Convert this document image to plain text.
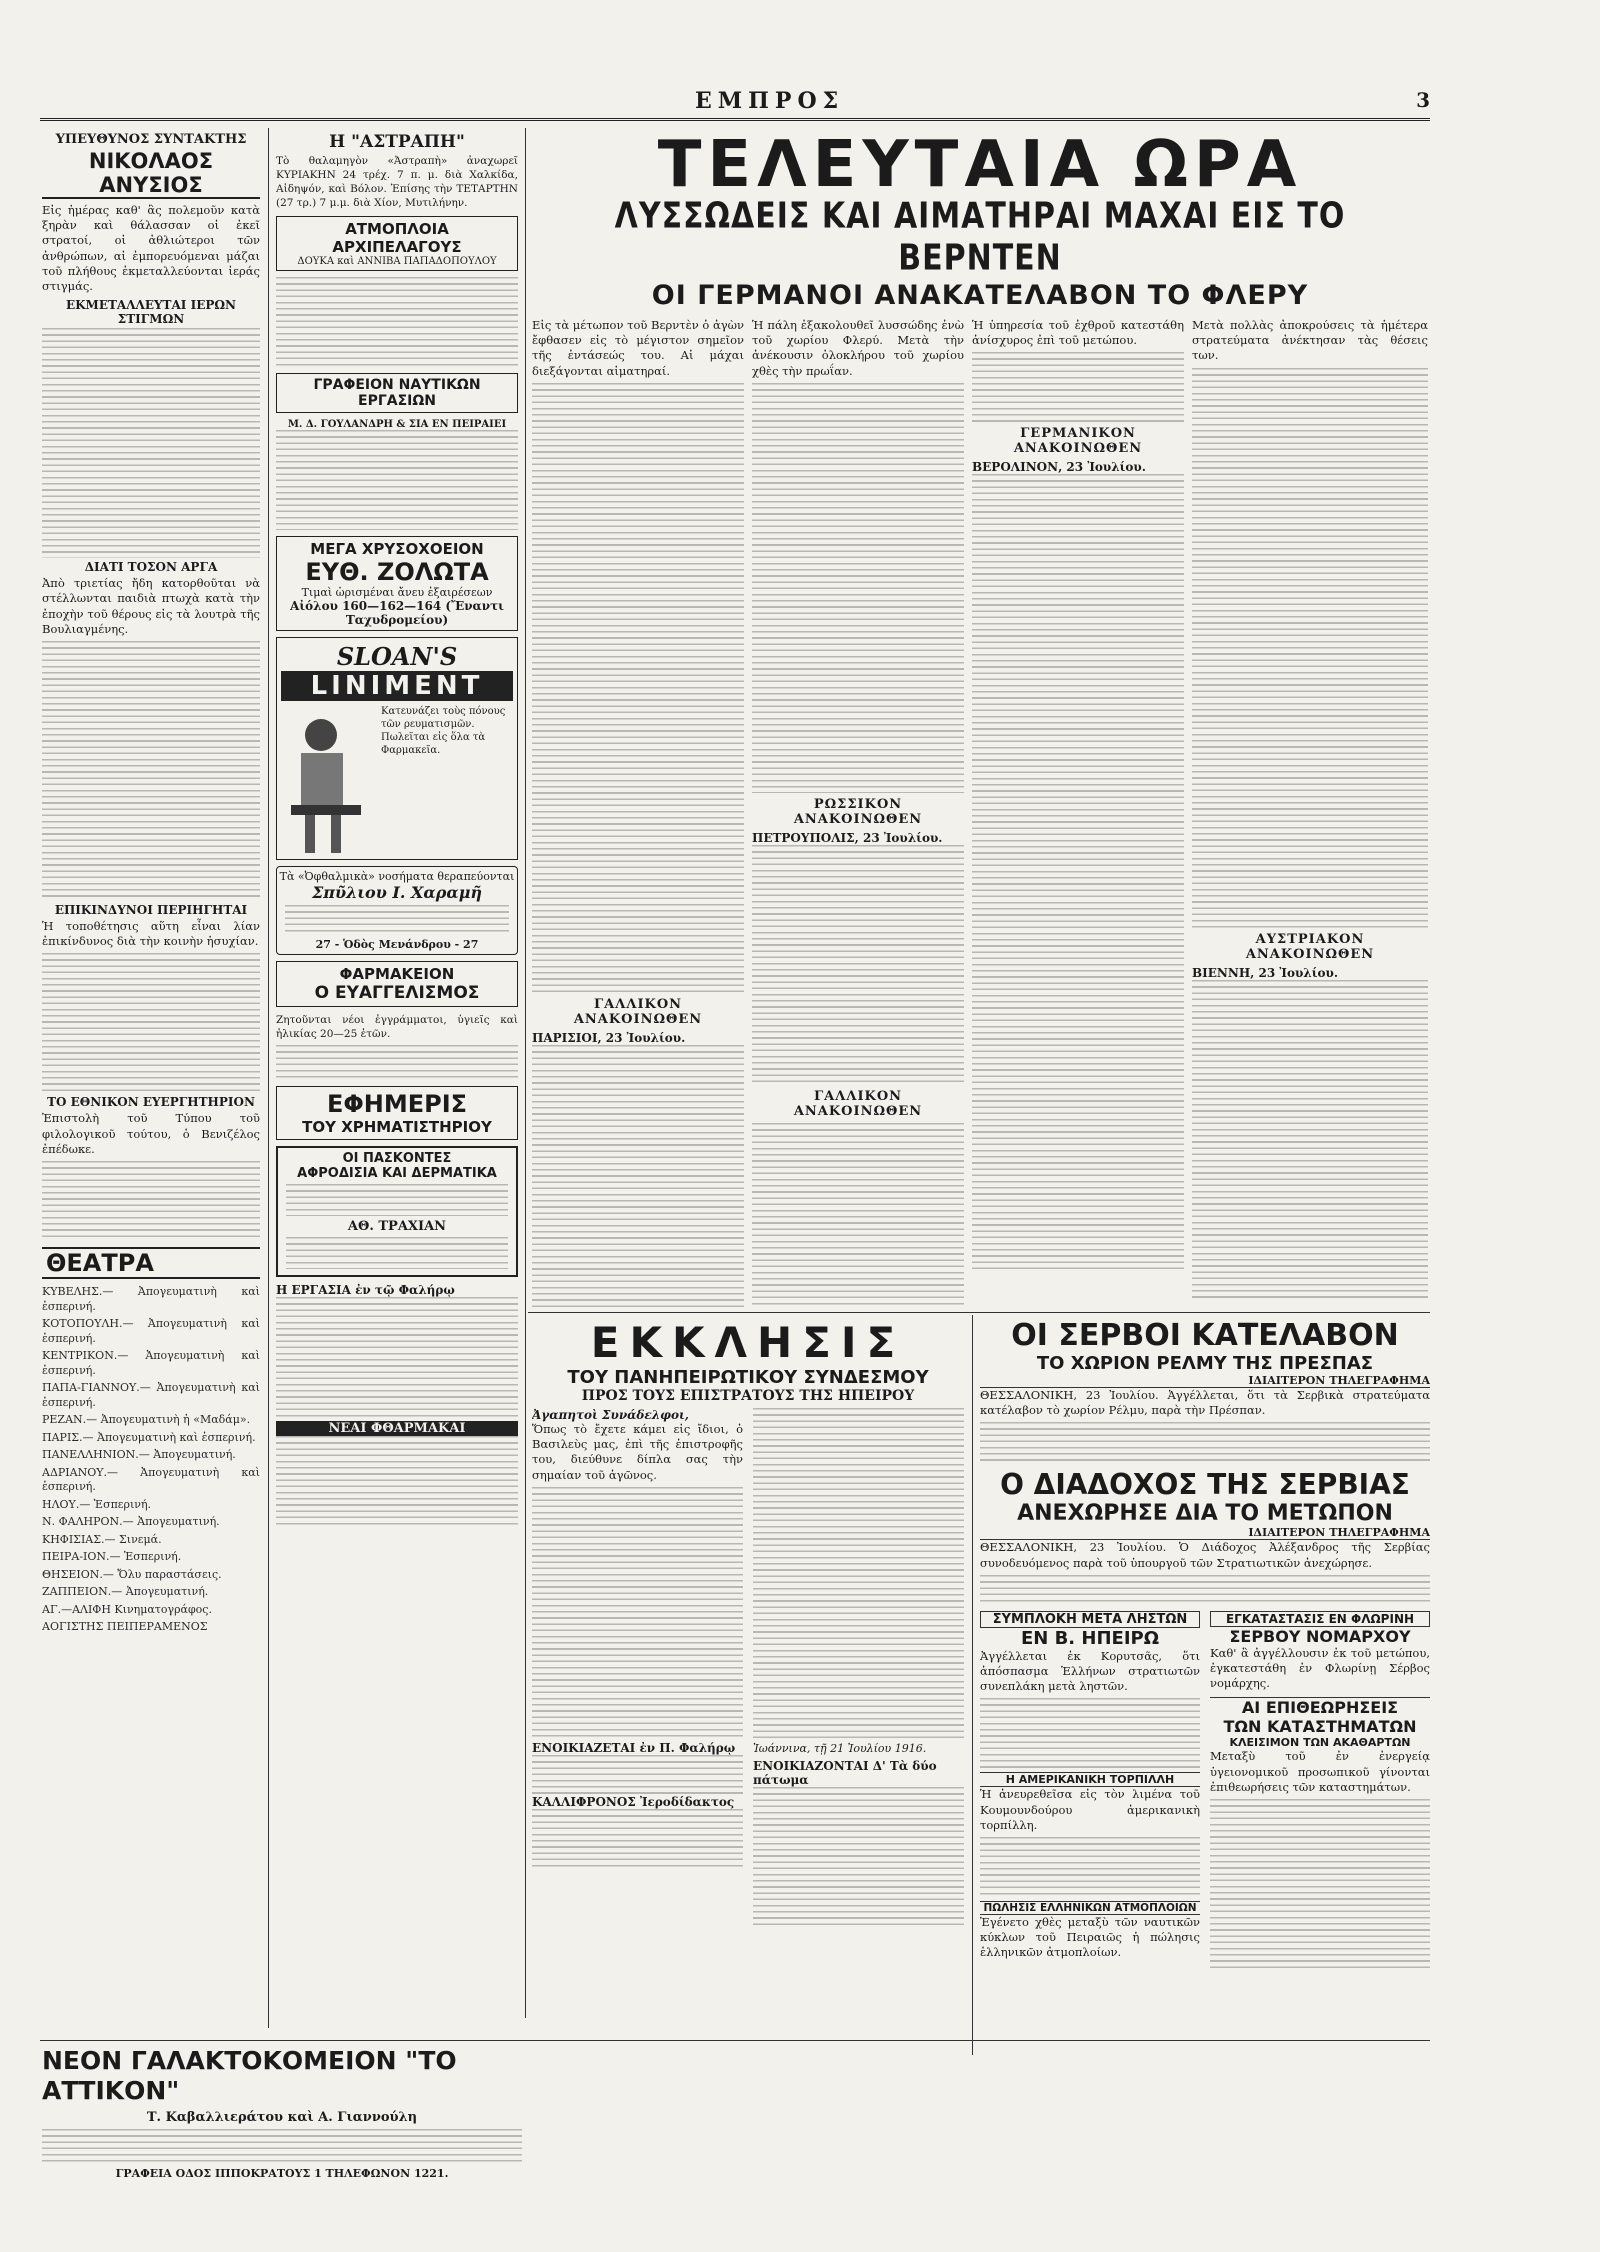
ΕΜΠΡΟΣ	3
ΥΠΕΥΘΥΝΟΣ ΣΥΝΤΑΚΤΗΣ
ΝΙΚΟΛΑΟΣ ΑΝΥΣΙΟΣ

Εἰς ἡμέρας καθ' ἃς πολεμοῦν κατὰ ξηρὰν καὶ θάλασσαν οἱ ἐκεῖ στρατοί, οἱ ἀθλιώτεροι τῶν ἀνθρώπων, αἱ ἐμπορευόμεναι μάζαι τοῦ πλήθους ἐκμεταλλεύονται ἱεράς στιγμάς.

ΕΚΜΕΤΑΛΛΕΥΤΑΙ ΙΕΡΩΝ ΣΤΙΓΜΩΝ
ΔΙΑΤΙ ΤΟΣΟΝ ΑΡΓΑ

Ἀπὸ τριετίας ἤδη κατορθοῦται νὰ στέλλωνται παιδιὰ πτωχὰ κατὰ τὴν ἐποχὴν τοῦ θέρους εἰς τὰ λουτρὰ τῆς Βουλιαγμένης.

ΕΠΙΚΙΝΔΥΝΟΙ ΠΕΡΙΗΓΗΤΑΙ

Ἡ τοποθέτησις αὕτη εἶναι λίαν ἐπικίνδυνος διὰ τὴν κοινὴν ἡσυχίαν.

ΤΟ ΕΘΝΙΚΟΝ ΕΥΕΡΓΗΤΗΡΙΟΝ

Ἐπιστολὴ τοῦ Τύπου τοῦ φιλολογικοῦ τούτου, ὁ Βενιζέλος ἐπέδωκε.

ΘΕΑΤΡΑ
ΚΥΒΕΛΗΣ.— Ἀπογευματινὴ καὶ ἑσπερινή.
ΚΟΤΟΠΟΥΛΗ.— Ἀπογευματινὴ καὶ ἑσπερινή.
ΚΕΝΤΡΙΚΟΝ.— Ἀπογευματινὴ καὶ ἑσπερινή.
ΠΑΠΑ-ΓΙΑΝΝΟΥ.— Ἀπογευματινὴ καὶ ἑσπερινή.
ΡΕΖΑΝ.— Ἀπογευματινὴ ἡ «Μαδάμ».
ΠΑΡΙΣ.— Ἀπογευματινὴ καὶ ἑσπερινή.
ΠΑΝΕΛΛΗΝΙΟΝ.— Ἀπογευματινή.
ΑΔΡΙΑΝΟΥ.— Ἀπογευματινὴ καὶ ἑσπερινή.
ΗΛΟΥ.— Ἑσπερινή.
Ν. ΦΑΛΗΡΟΝ.— Ἀπογευματινή.
ΚΗΦΙΣΙΑΣ.— Σινεμά.
ΠΕΙΡΑ-ΙΟΝ.— Ἑσπερινή.
ΘΗΣΕΙΟΝ.— Ὄλυ παραστάσεις.
ΖΑΠΠΕΙΟΝ.— Ἀπογευματινή.
ΑΓ.—ΑΛΙΦΗ Κινηματογράφος.
ΑΟΓΙΣΤΗΣ ΠΕΙΠΕΡΑΜΕΝΟΣ
Η "ΑΣΤΡΑΠΗ"

Τὸ θαλαμηγὸν «Ἀστραπὴ» ἀναχωρεῖ ΚΥΡΙΑΚΗΝ 24 τρέχ. 7 π. μ. διὰ Χαλκίδα, Αἰδηψόν, καὶ Βόλον. Ἐπίσης τὴν ΤΕΤΑΡΤΗΝ (27 τρ.) 7 μ.μ. διὰ Χίον, Μυτιλήνην.

ΑΤΜΟΠΛΟΙΑ ΑΡΧΙΠΕΛΑΓΟΥΣ
ΔΟΥΚΑ καὶ ΑΝΝΙΒΑ ΠΑΠΑΔΟΠΟΥΛΟΥ
ΓΡΑΦΕΙΟΝ ΝΑΥΤΙΚΩΝ ΕΡΓΑΣΙΩΝ
Μ. Δ. ΓΟΥΛΑΝΔΡΗ & ΣΙΑ ΕΝ ΠΕΙΡΑΙΕΙ
ΜΕΓΑ ΧΡΥΣΟΧΟΕΙΟΝ
ΕΥΘ. ΖΟΛΩΤΑ
Τιμαὶ ὡρισμέναι ἄνευ ἐξαιρέσεων
Αἰόλου 160—162—164 (Ἔναντι Ταχυδρομείου)
SLOAN'S
LINIMENT
Κατευνάζει τοὺς πόνους τῶν ρευματισμῶν. Πωλεῖται εἰς ὅλα τὰ Φαρμακεῖα.
Τὰ «Ὀφθαλμικὰ» νοσήματα θεραπεύονται
Σπῦλιου Ι. Χαραμῆ
27 - Ὁδὸς Μενάνδρου - 27
ΦΑΡΜΑΚΕΙΟΝ
Ο ΕΥΑΓΓΕΛΙΣΜΟΣ

Ζητοῦνται νέοι ἐγγράμματοι, ὑγιεῖς καὶ ἡλικίας 20—25 ἐτῶν.

ΕΦΗΜΕΡΙΣ
ΤΟΥ ΧΡΗΜΑΤΙΣΤΗΡΙΟΥ
ΟΙ ΠΑΣΚΟΝΤΕΣ
ΑΦΡΟΔΙΣΙΑ ΚΑΙ ΔΕΡΜΑΤΙΚΑ
ΑΘ. ΤΡΑΧΙΑΝ
Η ΕΡΓΑΣΙΑ ἐν τῷ Φαλήρῳ
ΝΕΑΙ ΦΘΑΡΜΑΚΑΙ
ΤΕΛΕΥΤΑΙΑ ΩΡΑ
ΛΥΣΣΩΔΕΙΣ ΚΑΙ ΑΙΜΑΤΗΡΑΙ ΜΑΧΑΙ ΕΙΣ ΤΟ ΒΕΡΝΤΕΝ
ΟΙ ΓΕΡΜΑΝΟΙ ΑΝΑΚΑΤΕΛΑΒΟΝ ΤΟ ΦΛΕΡΥ

Εἰς τὰ μέτωπον τοῦ Βερντὲν ὁ ἀγὼν ἔφθασεν εἰς τὸ μέγιστον σημεῖον τῆς ἐντάσεώς του. Αἱ μάχαι διεξάγονται αἱματηραί.

ΓΑΛΛΙΚΟΝ ΑΝΑΚΟΙΝΩΘΕΝ
ΠΑΡΙΣΙΟΙ, 23 Ἰουλίου.

Ἡ πάλη ἐξακολουθεῖ λυσσώδης ἐνὼ τοῦ χωρίου Φλερύ. Μετὰ τὴν ἀνέκουσιν ὁλοκλήρου τοῦ χωρίου χθὲς τὴν πρωΐαν.

ΡΩΣΣΙΚΟΝ ΑΝΑΚΟΙΝΩΘΕΝ
ΠΕΤΡΟΥΠΟΛΙΣ, 23 Ἰουλίου.
ΓΑΛΛΙΚΟΝ ΑΝΑΚΟΙΝΩΘΕΝ

Ἡ ὑπηρεσία τοῦ ἐχθροῦ κατεστάθη ἀνίσχυρος ἐπὶ τοῦ μετώπου.

ΓΕΡΜΑΝΙΚΟΝ ΑΝΑΚΟΙΝΩΘΕΝ
ΒΕΡΟΛΙΝΟΝ, 23 Ἰουλίου.

Μετὰ πολλὰς ἀποκρούσεις τὰ ἡμέτερα στρατεύματα ἀνέκτησαν τὰς θέσεις των.

ΑΥΣΤΡΙΑΚΟΝ ΑΝΑΚΟΙΝΩΘΕΝ
ΒΙΕΝΝΗ, 23 Ἰουλίου.
ΕΚΚΛΗΣΙΣ
ΤΟΥ ΠΑΝΗΠΕΙΡΩΤΙΚΟΥ ΣΥΝΔΕΣΜΟΥ
ΠΡΟΣ ΤΟΥΣ ΕΠΙΣΤΡΑΤΟΥΣ ΤΗΣ ΗΠΕΙΡΟΥ
Ἀγαπητοὶ Συνάδελφοι,

Ὅπως τὸ ἔχετε κάμει εἰς ἴδιοι, ὁ Βασιλεὺς μας, ἐπὶ τῆς ἐπιστροφῆς του, διεύθυνε δίπλα σας τὴν σημαίαν τοῦ ἀγῶνος.

ΕΝΟΙΚΙΑΖΕΤΑΙ ἐν Π. Φαλήρῳ
ΚΑΛΛΙΦΡΟΝΟΣ Ἰεροδίδακτος
Ἰωάννινα, τῇ 21 Ἰουλίου 1916.
ΕΝΟΙΚΙΑΖΟΝΤΑΙ Δ' Τὰ δύο πάτωμα
ΟΙ ΣΕΡΒΟΙ ΚΑΤΕΛΑΒΟΝ
ΤΟ ΧΩΡΙΟΝ ΡΕΛΜΥ ΤΗΣ ΠΡΕΣΠΑΣ
ΙΔΙΑΙΤΕΡΟΝ ΤΗΛΕΓΡΑΦΗΜΑ

ΘΕΣΣΑΛΟΝΙΚΗ, 23 Ἰουλίου. Ἀγγέλλεται, ὅτι τὰ Σερβικὰ στρατεύματα κατέλαβον τὸ χωρίον Ρέλμυ, παρὰ τὴν Πρέσπαν.

Ο ΔΙΑΔΟΧΟΣ ΤΗΣ ΣΕΡΒΙΑΣ
ΑΝΕΧΩΡΗΣΕ ΔΙΑ ΤΟ ΜΕΤΩΠΟΝ
ΙΔΙΑΙΤΕΡΟΝ ΤΗΛΕΓΡΑΦΗΜΑ

ΘΕΣΣΑΛΟΝΙΚΗ, 23 Ἰουλίου. Ὁ Διάδοχος Ἀλέξανδρος τῆς Σερβίας συνοδευόμενος παρὰ τοῦ ὑπουργοῦ τῶν Στρατιωτικῶν ἀνεχώρησε.

ΣΥΜΠΛΟΚΗ ΜΕΤΑ ΛΗΣΤΩΝ
ΕΝ Β. ΗΠΕΙΡΩ

Ἀγγέλλεται ἐκ Κορυτσᾶς, ὅτι ἀπόσπασμα Ἑλλήνων στρατιωτῶν συνεπλάκη μετὰ ληστῶν.

Η ΑΜΕΡΙΚΑΝΙΚΗ ΤΟΡΠΙΛΛΗ

Ἡ ἀνευρεθεῖσα εἰς τὸν λιμένα τοῦ Κουμουνδούρου ἀμερικανικὴ τορπίλλη.

ΠΩΛΗΣΙΣ ΕΛΛΗΝΙΚΩΝ ΑΤΜΟΠΛΟΙΩΝ

Ἐγένετο χθὲς μεταξὺ τῶν ναυτικῶν κύκλων τοῦ Πειραιῶς ἡ πώλησις ἑλληνικῶν ἀτμοπλοίων.

ΕΓΚΑΤΑΣΤΑΣΙΣ ΕΝ ΦΛΩΡΙΝΗ
ΣΕΡΒΟΥ ΝΟΜΑΡΧΟΥ

Καθ' ἃ ἀγγέλλουσιν ἐκ τοῦ μετώπου, ἐγκατεστάθη ἐν Φλωρίνῃ Σέρβος νομάρχης.

ΑΙ ΕΠΙΘΕΩΡΗΣΕΙΣ
ΤΩΝ ΚΑΤΑΣΤΗΜΑΤΩΝ
ΚΛΕΙΣΙΜΟΝ ΤΩΝ ΑΚΑΘΑΡΤΩΝ

Μεταξὺ τοῦ ἐν ἐνεργείᾳ ὑγειονομικοῦ προσωπικοῦ γίνονται ἐπιθεωρήσεις τῶν καταστημάτων.

ΝΕΟΝ ΓΑΛΑΚΤΟΚΟΜΕΙΟΝ "ΤΟ ΑΤΤΙΚΟΝ"
Τ. Καβαλλιεράτου καὶ Α. Γιαννούλη
ΓΡΑΦΕΙΑ ΟΔΟΣ ΙΠΠΟΚΡΑΤΟΥΣ 1 ΤΗΛΕΦΩΝΟΝ 1221.
